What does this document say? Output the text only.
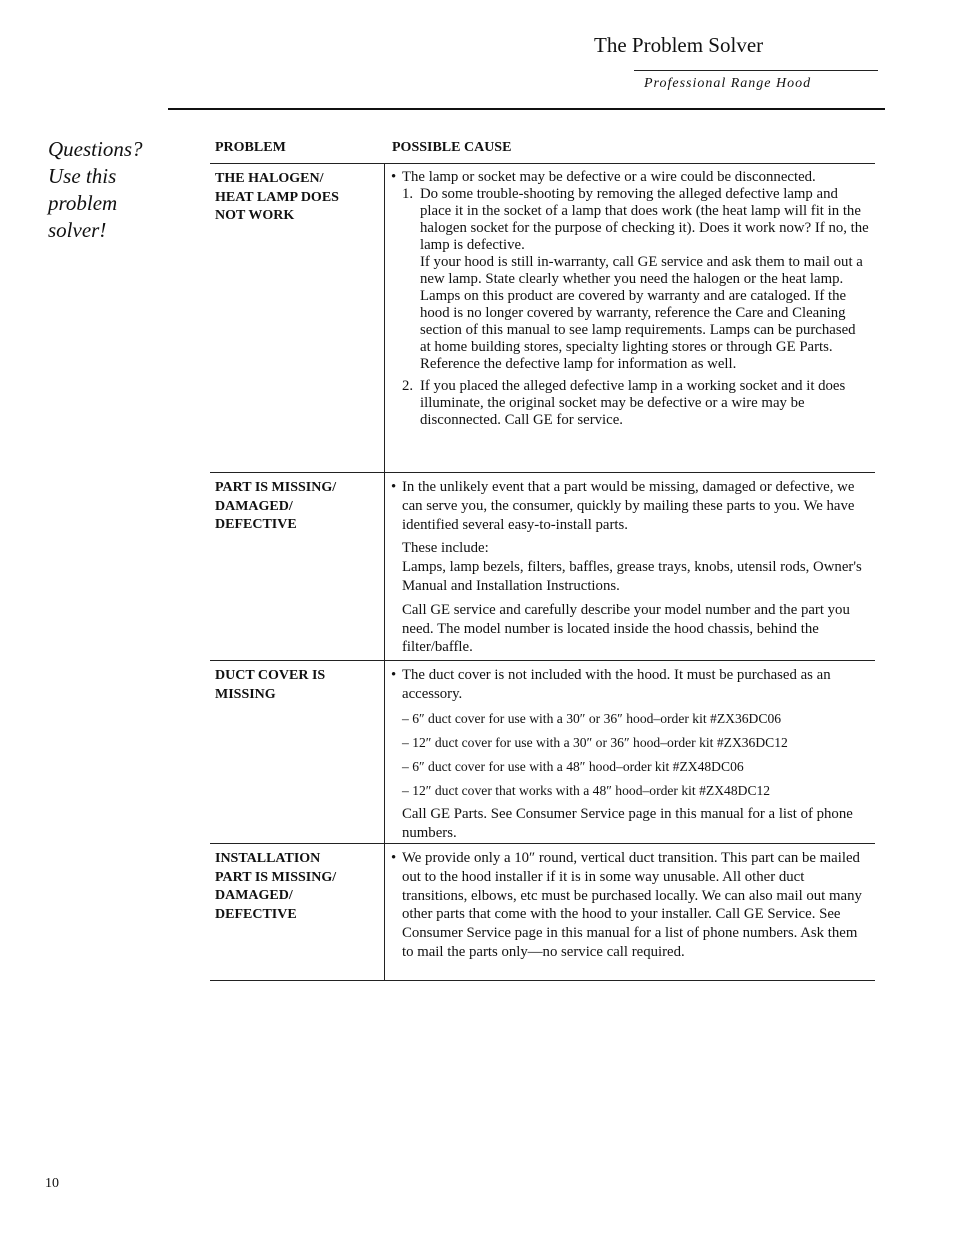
The Problem Solver
Professional Range Hood
Questions?
Use this
problem
solver!
PROBLEM	POSSIBLE CAUSE
THE HALOGEN/
HEAT LAMP DOES
NOT WORK
• The lamp or socket may be defective or a wire could be disconnected.
1. Do some trouble-shooting by removing the alleged defective lamp and place it in the socket of a lamp that does work (the heat lamp will fit in the halogen socket for the purpose of checking it). Does it work now? If no, the lamp is defective.
If your hood is still in-warranty, call GE service and ask them to mail out a new lamp. State clearly whether you need the halogen or the heat lamp. Lamps on this product are covered by warranty and are cataloged. If the hood is no longer covered by warranty, reference the Care and Cleaning section of this manual to see lamp requirements. Lamps can be purchased at home building stores, specialty lighting stores or through GE Parts. Reference the defective lamp for information as well.
2. If you placed the alleged defective lamp in a working socket and it does illuminate, the original socket may be defective or a wire may be disconnected. Call GE for service.
PART IS MISSING/
DAMAGED/
DEFECTIVE
• In the unlikely event that a part would be missing, damaged or defective, we can serve you, the consumer, quickly by mailing these parts to you. We have identified several easy-to-install parts.
These include:
Lamps, lamp bezels, filters, baffles, grease trays, knobs, utensil rods, Owner's Manual and Installation Instructions.
Call GE service and carefully describe your model number and the part you need. The model number is located inside the hood chassis, behind the filter/baffle.
DUCT COVER IS
MISSING
• The duct cover is not included with the hood. It must be purchased as an accessory.
– 6″ duct cover for use with a 30″ or 36″ hood–order kit #ZX36DC06
– 12″ duct cover for use with a 30″ or 36″ hood–order kit #ZX36DC12
– 6″ duct cover for use with a 48″ hood–order kit #ZX48DC06
– 12″ duct cover that works with a 48″ hood–order kit #ZX48DC12
Call GE Parts. See Consumer Service page in this manual for a list of phone numbers.
INSTALLATION
PART IS MISSING/
DAMAGED/
DEFECTIVE
• We provide only a 10″ round, vertical duct transition. This part can be mailed out to the hood installer if it is in some way unusable. All other duct transitions, elbows, etc must be purchased locally. We can also mail out many other parts that come with the hood to your installer. Call GE Service. See Consumer Service page in this manual for a list of phone numbers. Ask them to mail the parts only—no service call required.
10
